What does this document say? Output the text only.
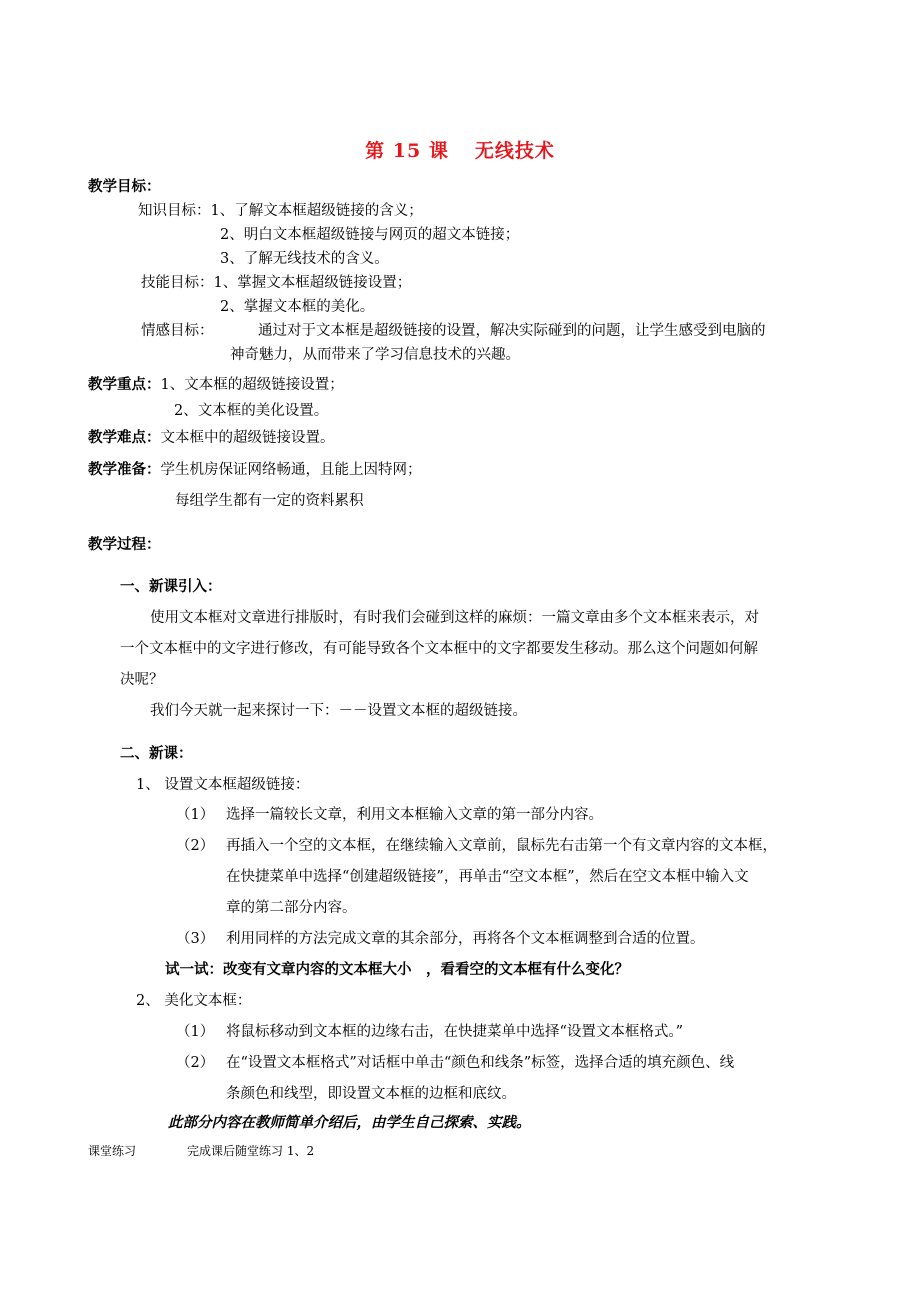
第 15 课 无线技术
教学目标：
知识目标：1、了解文本框超级链接的含义；
2、明白文本框超级链接与网页的超文本链接；
3、了解无线技术的含义。
技能目标：1、掌握文本框超级链接设置；
2、掌握文本框的美化。
情感目标：	通过对于文本框是超级链接的设置，解决实际碰到的问题，让学生感受到电脑的
神奇魅力，从而带来了学习信息技术的兴趣。
教学重点：1、文本框的超级链接设置；
2、文本框的美化设置。
教学难点：文本框中的超级链接设置。
教学准备：学生机房保证网络畅通，且能上因特网；
每组学生都有一定的资料累积
教学过程：
一、新课引入：
使用文本框对文章进行排版时，有时我们会碰到这样的麻烦：一篇文章由多个文本框来表示，对
一个文本框中的文字进行修改，有可能导致各个文本框中的文字都要发生移动。那么这个问题如何解
决呢？
我们今天就一起来探讨一下：－－设置文本框的超级链接。
二、新课：
1、 设置文本框超级链接：
（1） 选择一篇较长文章，利用文本框输入文章的第一部分内容。
（2） 再插入一个空的文本框，在继续输入文章前，鼠标先右击第一个有文章内容的文本框，
在快捷菜单中选择“创建超级链接”，再单击“空文本框”，然后在空文本框中输入文
章的第二部分内容。
（3） 利用同样的方法完成文章的其余部分，再将各个文本框调整到合适的位置。
试一试：改变有文章内容的文本框大小　，看看空的文本框有什么变化？
2、 美化文本框：
（1） 将鼠标移动到文本框的边缘右击，在快捷菜单中选择“设置文本框格式。”
（2） 在“设置文本框格式”对话框中单击“颜色和线条”标签，选择合适的填充颜色、线
条颜色和线型，即设置文本框的边框和底纹。
此部分内容在教师简单介绍后，由学生自己探索、实践。
课堂练习	完成课后随堂练习 1、2
